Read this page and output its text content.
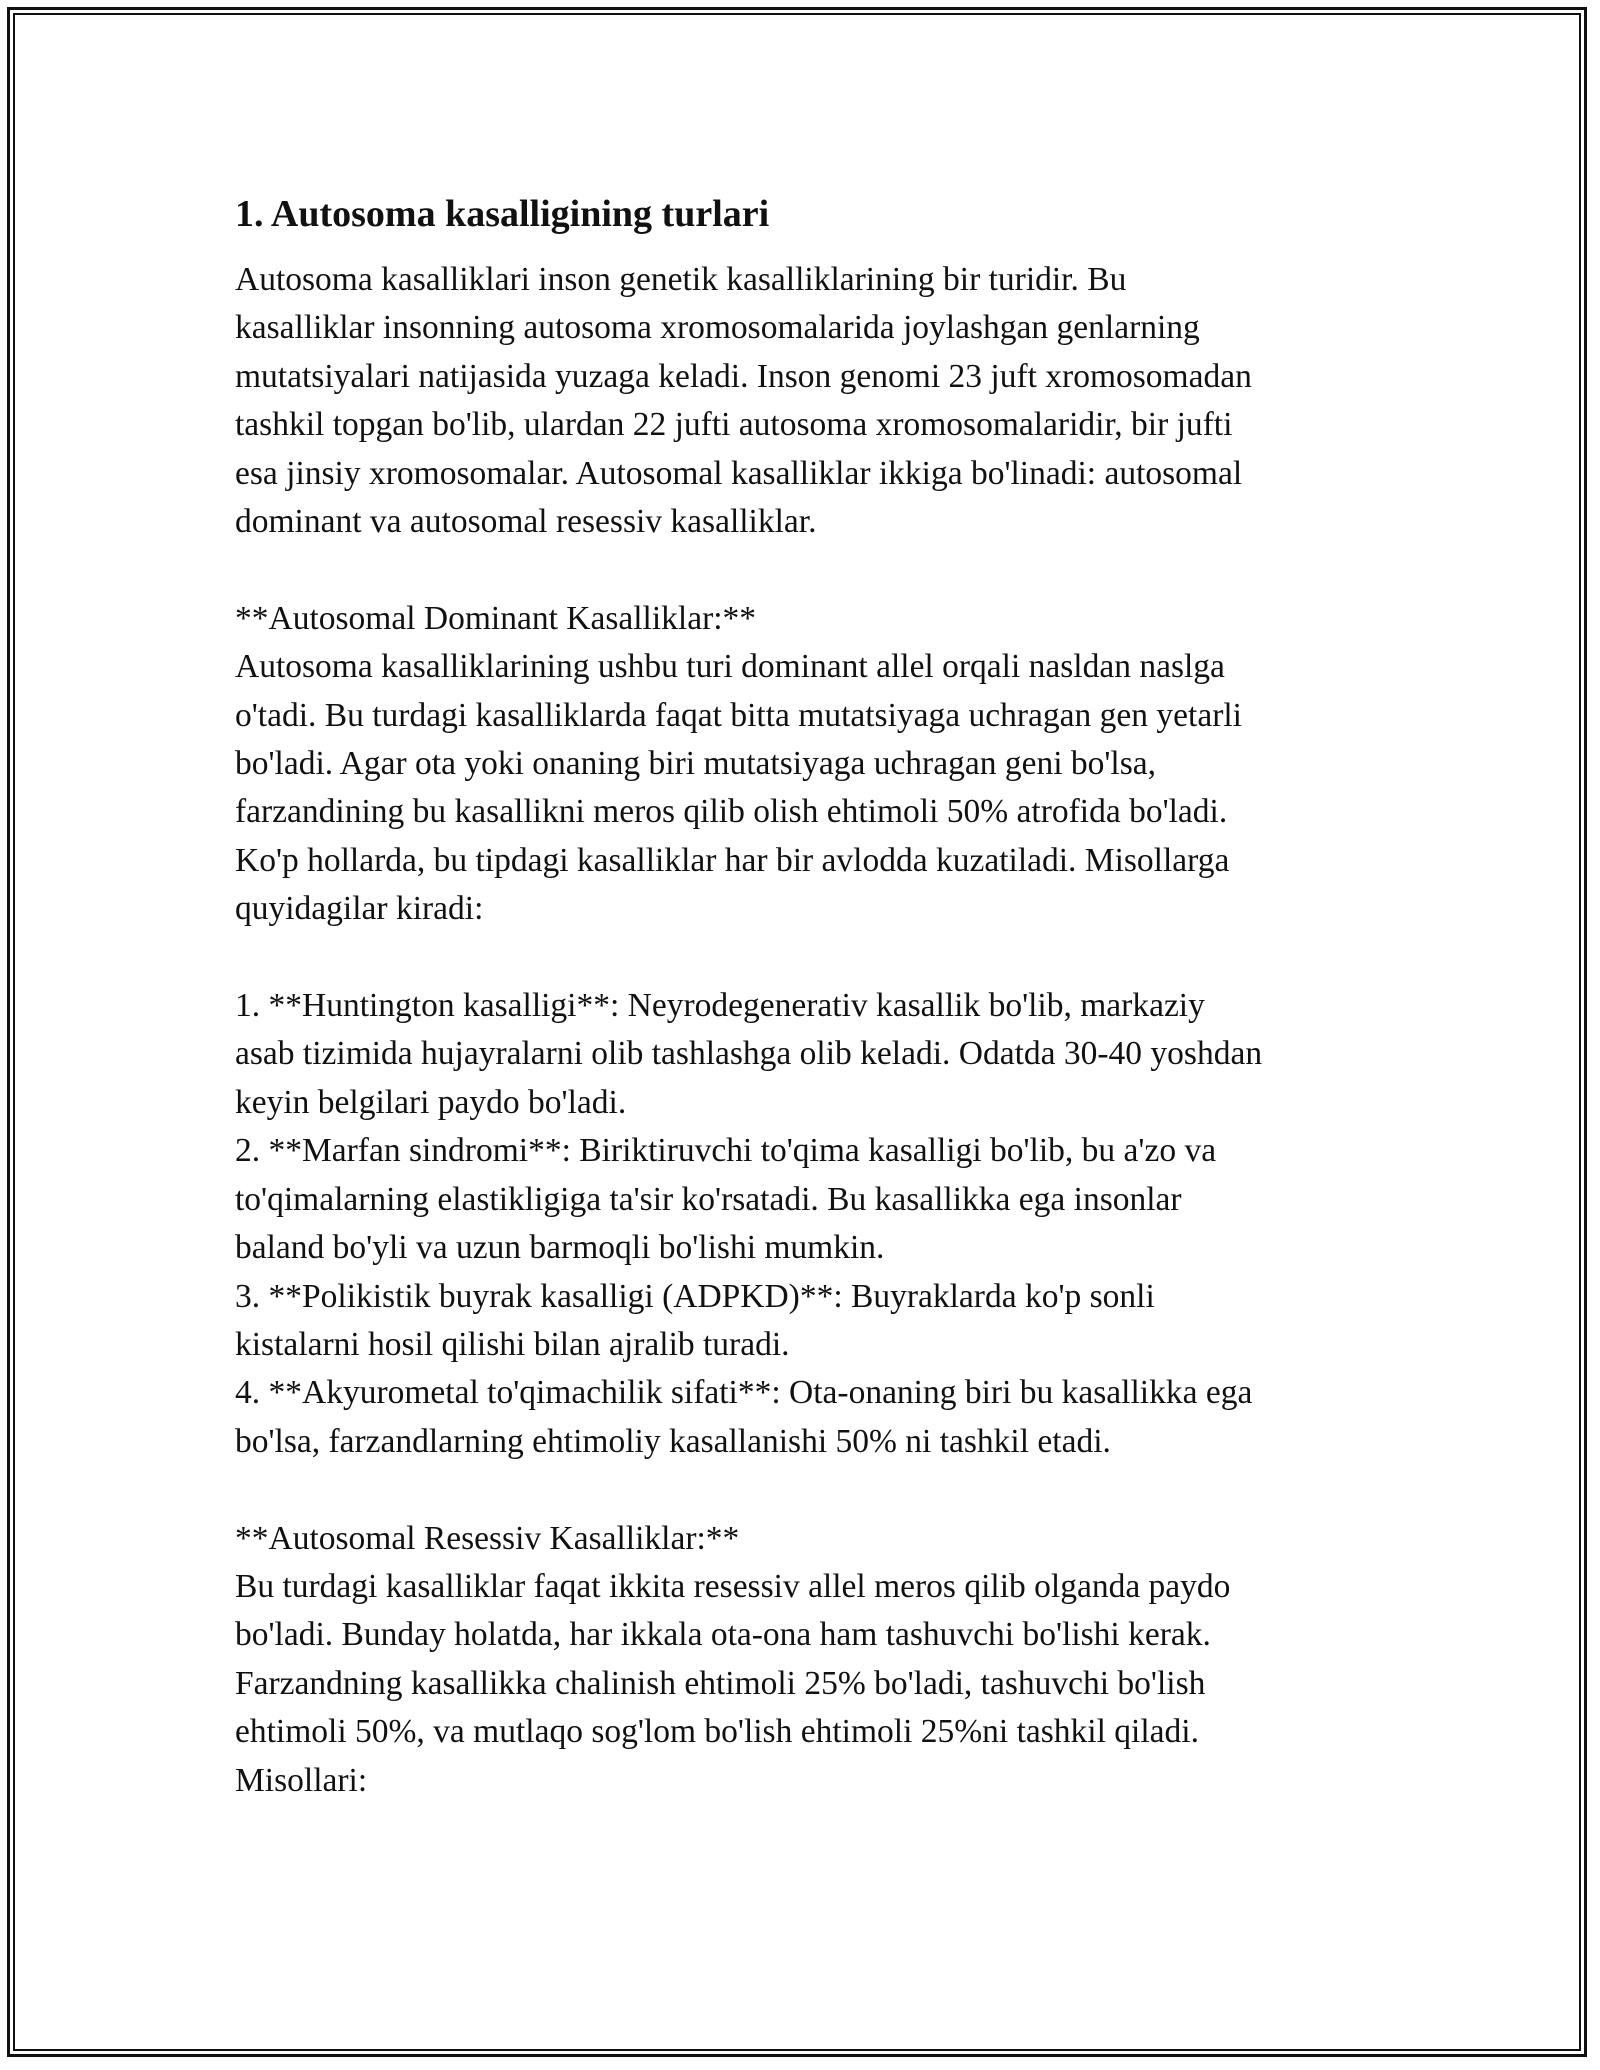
1. Autosoma kasalligining turlari
Autosoma kasalliklari inson genetik kasalliklarining bir turidir. Bu
kasalliklar insonning autosoma xromosomalarida joylashgan genlarning
mutatsiyalari natijasida yuzaga keladi. Inson genomi 23 juft xromosomadan
tashkil topgan bo'lib, ulardan 22 jufti autosoma xromosomalaridir, bir jufti
esa jinsiy xromosomalar. Autosomal kasalliklar ikkiga bo'linadi: autosomal
dominant va autosomal resessiv kasalliklar.
**Autosomal Dominant Kasalliklar:**
Autosoma kasalliklarining ushbu turi dominant allel orqali nasldan naslga
o'tadi. Bu turdagi kasalliklarda faqat bitta mutatsiyaga uchragan gen yetarli
bo'ladi. Agar ota yoki onaning biri mutatsiyaga uchragan geni bo'lsa,
farzandining bu kasallikni meros qilib olish ehtimoli 50% atrofida bo'ladi.
Ko'p hollarda, bu tipdagi kasalliklar har bir avlodda kuzatiladi. Misollarga
quyidagilar kiradi:
1. **Huntington kasalligi**: Neyrodegenerativ kasallik bo'lib, markaziy
asab tizimida hujayralarni olib tashlashga olib keladi. Odatda 30-40 yoshdan
keyin belgilari paydo bo'ladi.
2. **Marfan sindromi**: Biriktiruvchi to'qima kasalligi bo'lib, bu a'zo va
to'qimalarning elastikligiga ta'sir ko'rsatadi. Bu kasallikka ega insonlar
baland bo'yli va uzun barmoqli bo'lishi mumkin.
3. **Polikistik buyrak kasalligi (ADPKD)**: Buyraklarda ko'p sonli
kistalarni hosil qilishi bilan ajralib turadi.
4. **Akyurometal to'qimachilik sifati**: Ota-onaning biri bu kasallikka ega
bo'lsa, farzandlarning ehtimoliy kasallanishi 50% ni tashkil etadi.
**Autosomal Resessiv Kasalliklar:**
Bu turdagi kasalliklar faqat ikkita resessiv allel meros qilib olganda paydo
bo'ladi. Bunday holatda, har ikkala ota-ona ham tashuvchi bo'lishi kerak.
Farzandning kasallikka chalinish ehtimoli 25% bo'ladi, tashuvchi bo'lish
ehtimoli 50%, va mutlaqo sog'lom bo'lish ehtimoli 25%ni tashkil qiladi.
Misollari:
